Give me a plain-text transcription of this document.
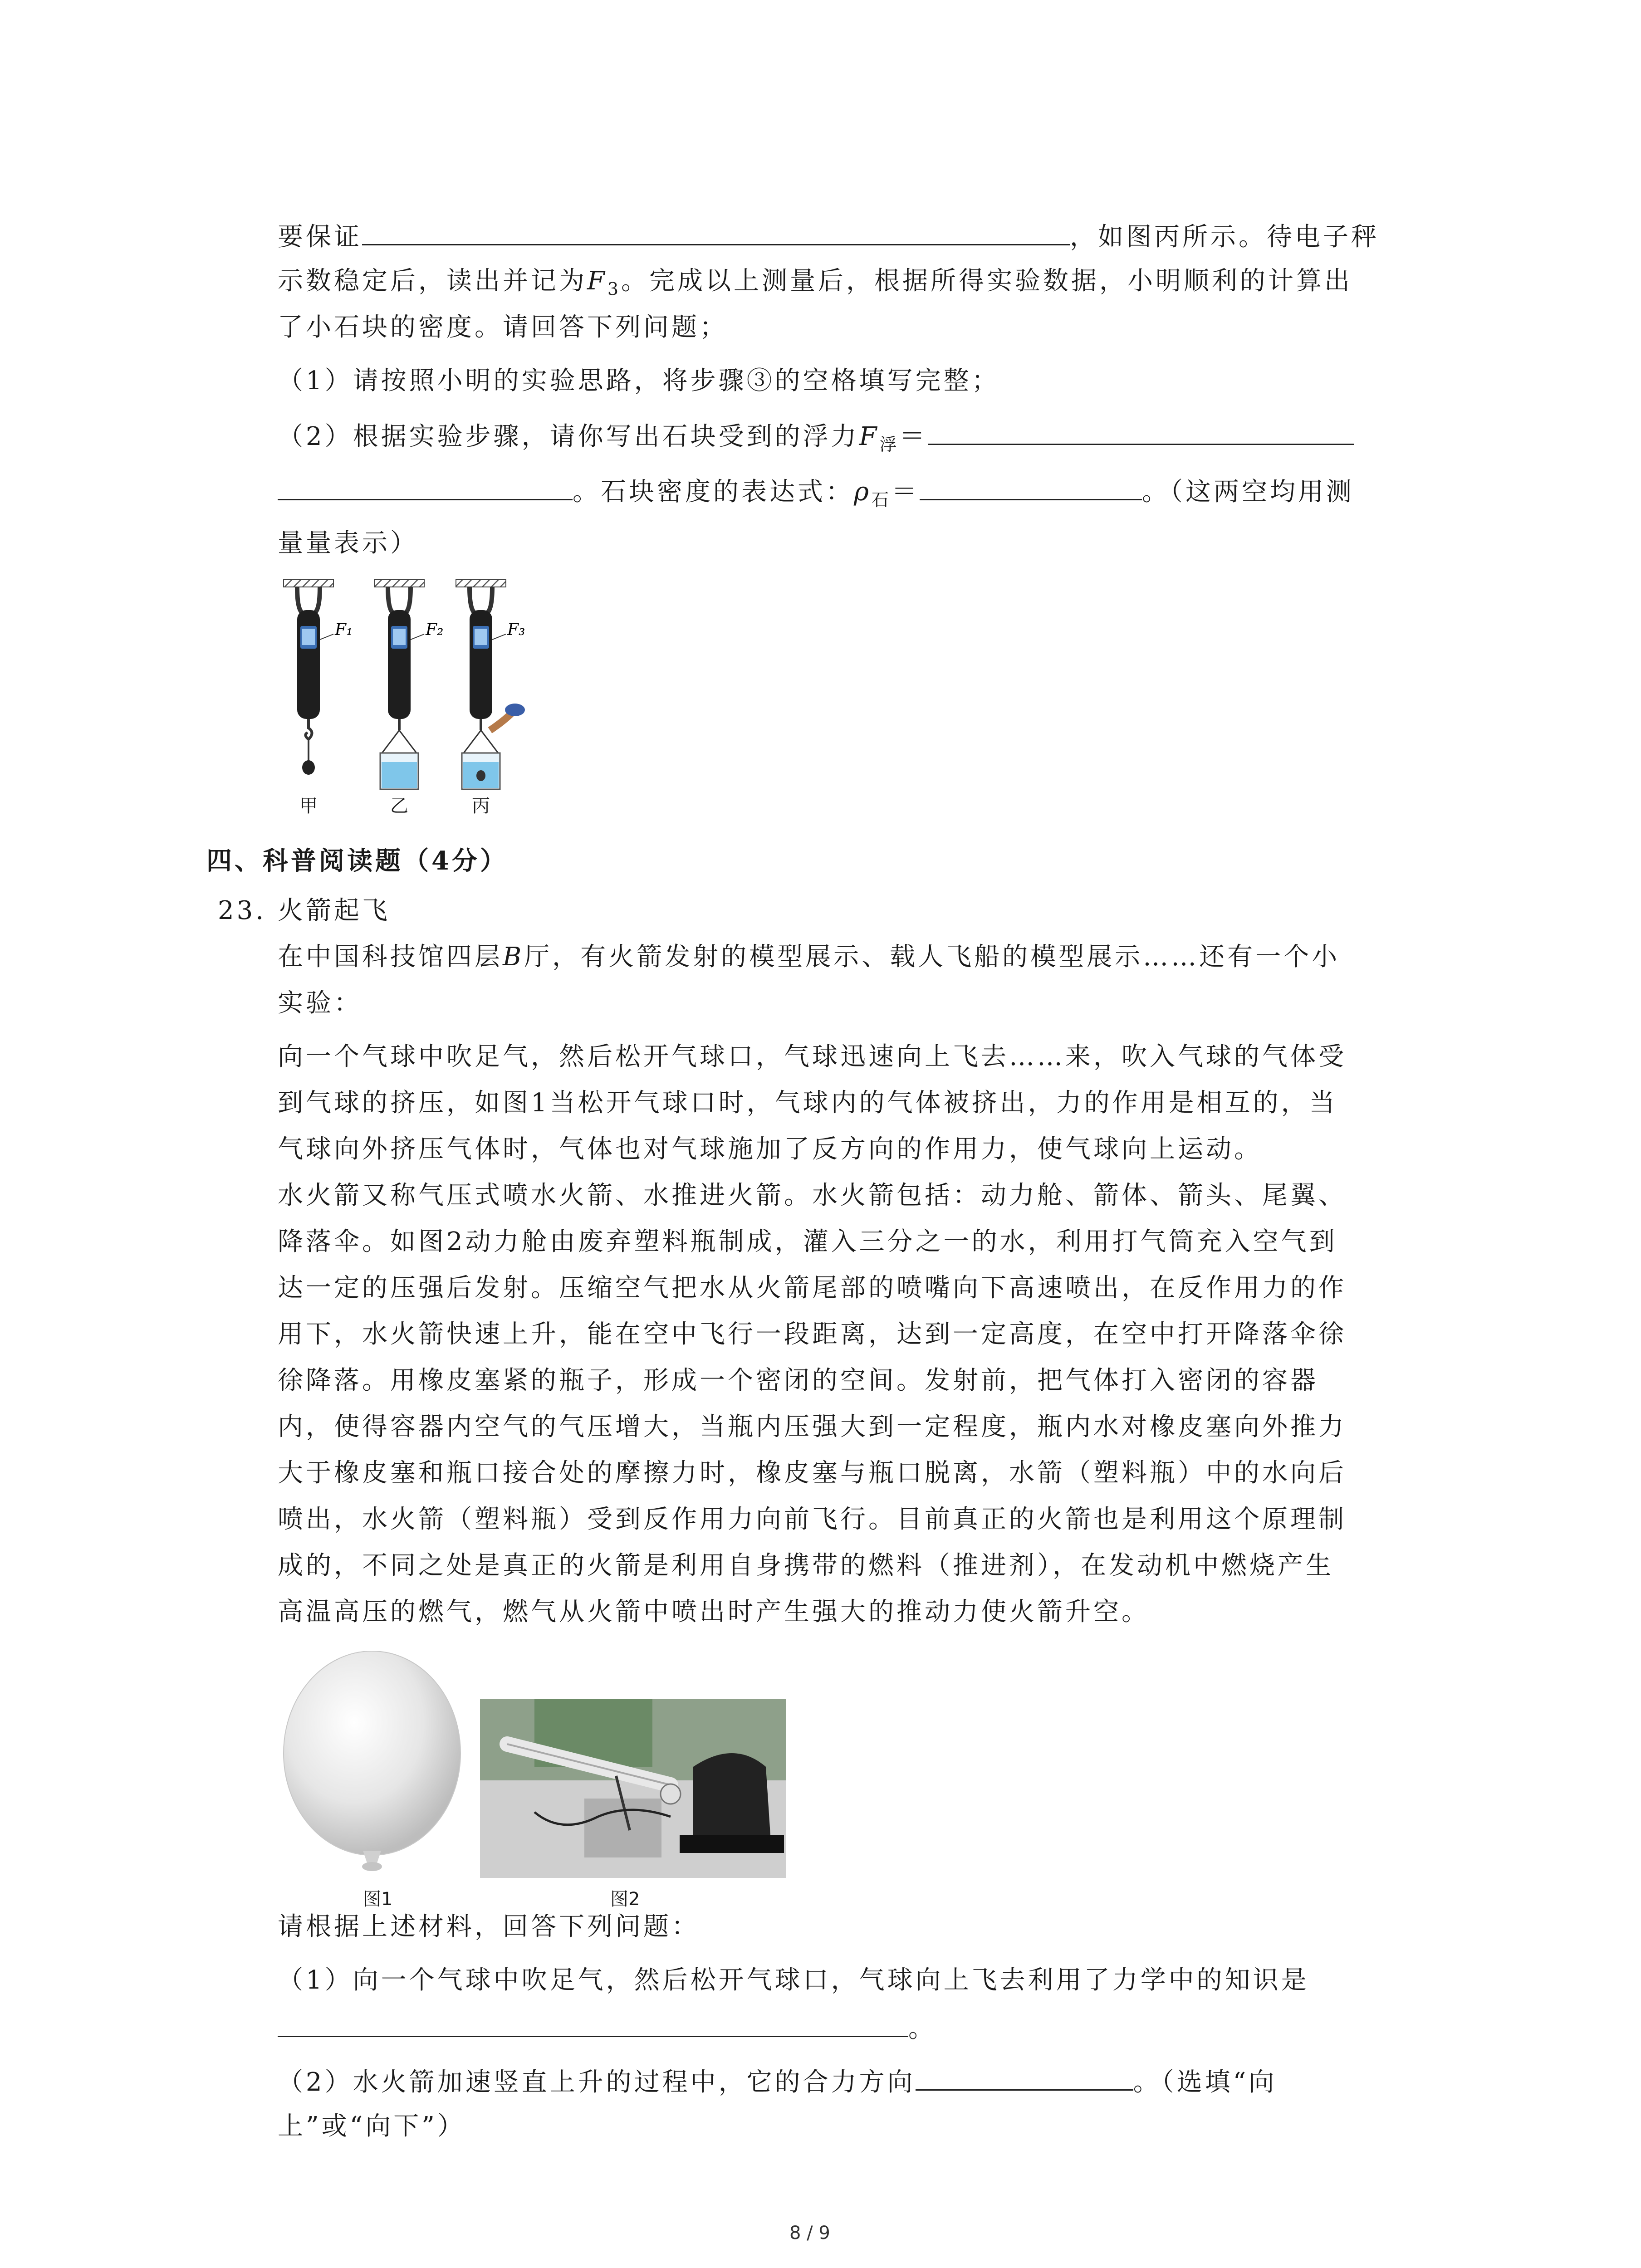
要保证	，如图丙所示。待电子秤
示数稳定后，读出并记为$F_3$。完成以上测量后，根据所得实验数据，小明顺利的计算出
了小石块的密度。请回答下列问题；
（1）请按照小明的实验思路，将步骤③的空格填写完整；
（2）根据实验步骤，请你写出石块受到的浮力$F_浮=$
。石块密度的表达式：$\rho_石=$	。（这两空均用测
量量表示）
F₁	F₂	F₃
甲	乙	丙
四、科普阅读题（4分）
23. 火箭起飞
在中国科技馆四层B厅，有火箭发射的模型展示、载人飞船的模型展示……还有一个小
实验：
向一个气球中吹足气，然后松开气球口，气球迅速向上飞去……来，吹入气球的气体受
到气球的挤压，如图1当松开气球口时，气球内的气体被挤出，力的作用是相互的，当
气球向外挤压气体时，气体也对气球施加了反方向的作用力，使气球向上运动。
水火箭又称气压式喷水火箭、水推进火箭。水火箭包括：动力舱、箭体、箭头、尾翼、
降落伞。如图2动力舱由废弃塑料瓶制成，灌入三分之一的水，利用打气筒充入空气到
达一定的压强后发射。压缩空气把水从火箭尾部的喷嘴向下高速喷出，在反作用力的作
用下，水火箭快速上升，能在空中飞行一段距离，达到一定高度，在空中打开降落伞徐
徐降落。用橡皮塞紧的瓶子，形成一个密闭的空间。发射前，把气体打入密闭的容器
内，使得容器内空气的气压增大，当瓶内压强大到一定程度，瓶内水对橡皮塞向外推力
大于橡皮塞和瓶口接合处的摩擦力时，橡皮塞与瓶口脱离，水箭（塑料瓶）中的水向后
喷出，水火箭（塑料瓶）受到反作用力向前飞行。目前真正的火箭也是利用这个原理制
成的，不同之处是真正的火箭是利用自身携带的燃料（推进剂），在发动机中燃烧产生
高温高压的燃气，燃气从火箭中喷出时产生强大的推动力使火箭升空。
图1	图2
请根据上述材料，回答下列问题：
（1）向一个气球中吹足气，然后松开气球口，气球向上飞去利用了力学中的知识是
。
（2）水火箭加速竖直上升的过程中，它的合力方向	。（选填“向
上”或“向下”）
8 / 9
